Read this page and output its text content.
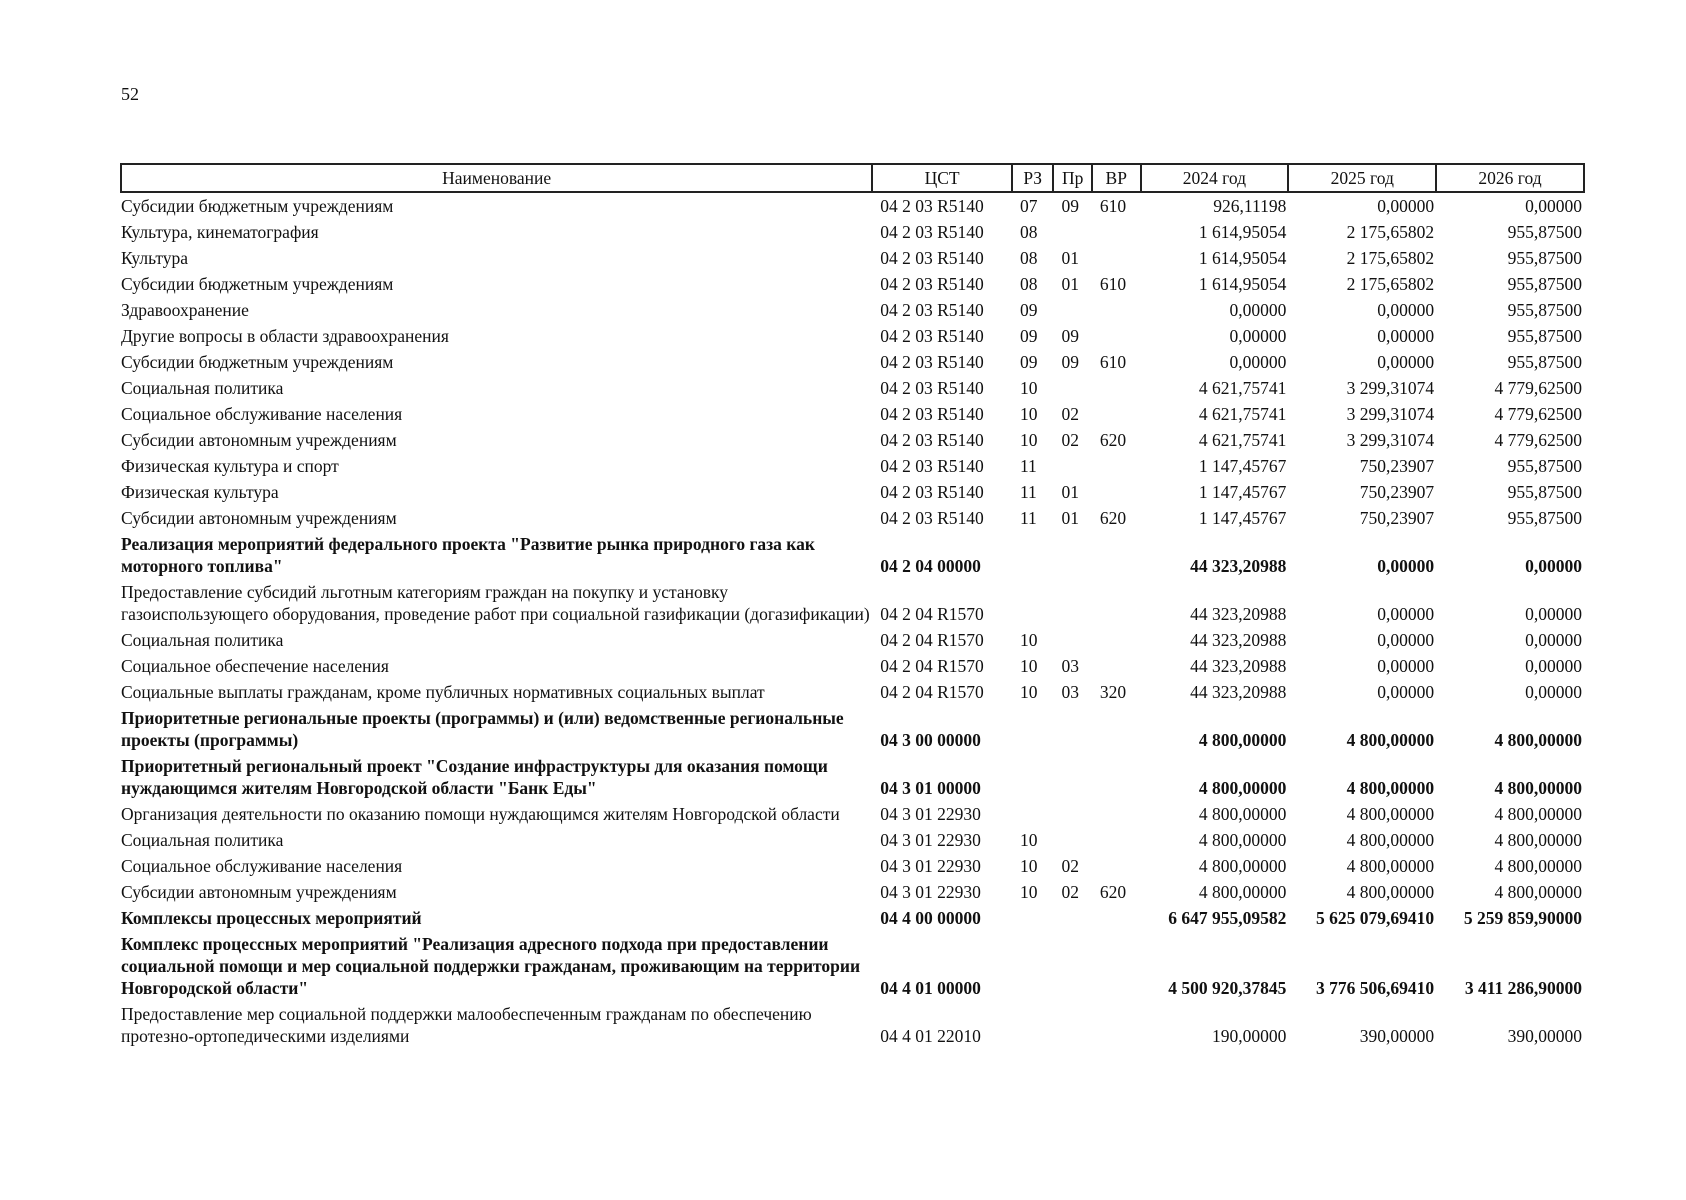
52
Наименование	ЦСТ	РЗ	Пр	ВР	2024 год	2025 год	2026 год
Субсидии бюджетным учреждениям	04 2 03 R5140	07	09	610	926,11198	0,00000	0,00000
Культура, кинематография	04 2 03 R5140	08			1 614,95054	2 175,65802	955,87500
Культура	04 2 03 R5140	08	01		1 614,95054	2 175,65802	955,87500
Субсидии бюджетным учреждениям	04 2 03 R5140	08	01	610	1 614,95054	2 175,65802	955,87500
Здравоохранение	04 2 03 R5140	09			0,00000	0,00000	955,87500
Другие вопросы в области здравоохранения	04 2 03 R5140	09	09		0,00000	0,00000	955,87500
Субсидии бюджетным учреждениям	04 2 03 R5140	09	09	610	0,00000	0,00000	955,87500
Социальная политика	04 2 03 R5140	10			4 621,75741	3 299,31074	4 779,62500
Социальное обслуживание населения	04 2 03 R5140	10	02		4 621,75741	3 299,31074	4 779,62500
Субсидии автономным учреждениям	04 2 03 R5140	10	02	620	4 621,75741	3 299,31074	4 779,62500
Физическая культура и спорт	04 2 03 R5140	11			1 147,45767	750,23907	955,87500
Физическая культура	04 2 03 R5140	11	01		1 147,45767	750,23907	955,87500
Субсидии автономным учреждениям	04 2 03 R5140	11	01	620	1 147,45767	750,23907	955,87500
Реализация мероприятий федерального проекта "Развитие рынка природного газа как моторного топлива"	04 2 04 00000				44 323,20988	0,00000	0,00000
Предоставление субсидий льготным категориям граждан на покупку и установку газоиспользующего оборудования, проведение работ при социальной газификации (догазификации)	04 2 04 R1570				44 323,20988	0,00000	0,00000
Социальная политика	04 2 04 R1570	10			44 323,20988	0,00000	0,00000
Социальное обеспечение населения	04 2 04 R1570	10	03		44 323,20988	0,00000	0,00000
Социальные выплаты гражданам, кроме публичных нормативных социальных выплат	04 2 04 R1570	10	03	320	44 323,20988	0,00000	0,00000
Приоритетные региональные проекты (программы) и (или) ведомственные региональные проекты (программы)	04 3 00 00000				4 800,00000	4 800,00000	4 800,00000
Приоритетный региональный проект "Создание инфраструктуры для оказания помощи нуждающимся жителям Новгородской области "Банк Еды"	04 3 01 00000				4 800,00000	4 800,00000	4 800,00000
Организация деятельности по оказанию помощи нуждающимся жителям Новгородской области	04 3 01 22930				4 800,00000	4 800,00000	4 800,00000
Социальная политика	04 3 01 22930	10			4 800,00000	4 800,00000	4 800,00000
Социальное обслуживание населения	04 3 01 22930	10	02		4 800,00000	4 800,00000	4 800,00000
Субсидии автономным учреждениям	04 3 01 22930	10	02	620	4 800,00000	4 800,00000	4 800,00000
Комплексы процессных мероприятий	04 4 00 00000				6 647 955,09582	5 625 079,69410	5 259 859,90000
Комплекс процессных мероприятий "Реализация адресного подхода при предоставлении социальной помощи и мер социальной поддержки гражданам, проживающим на территории Новгородской области"	04 4 01 00000				4 500 920,37845	3 776 506,69410	3 411 286,90000
Предоставление мер социальной поддержки малообеспеченным гражданам по обеспечению протезно-ортопедическими изделиями	04 4 01 22010				190,00000	390,00000	390,00000
